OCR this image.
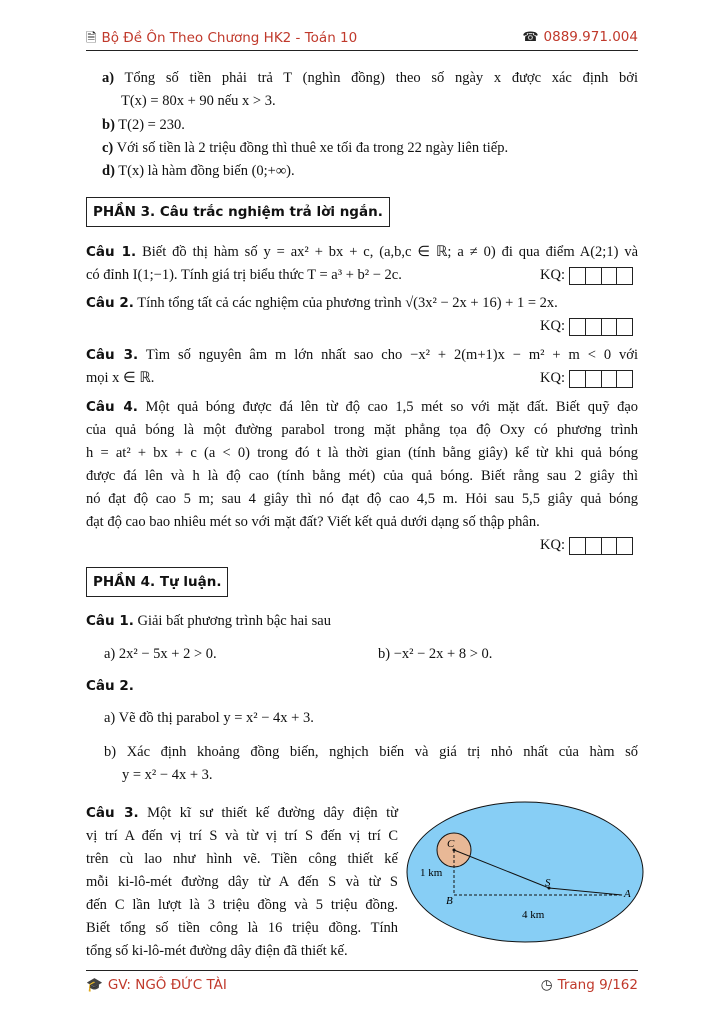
🗎 Bộ Đề Ôn Theo Chương HK2 - Toán 10	☎ 0889.971.004
a) Tổng số tiền phải trả T (nghìn đồng) theo số ngày x được xác định bởi
T(x) = 80x + 90 nếu x > 3.
b) T(2) = 230.
c) Với số tiền là 2 triệu đồng thì thuê xe tối đa trong 22 ngày liên tiếp.
d) T(x) là hàm đồng biến (0;+∞).
PHẦN 3. Câu trắc nghiệm trả lời ngắn.
Câu 1. Biết đồ thị hàm số y = ax² + bx + c, (a,b,c ∈ ℝ; a ≠ 0) đi qua điểm A(2;1) và
có đỉnh I(1;−1). Tính giá trị biểu thức T = a³ + b² − 2c.	KQ:
Câu 2. Tính tổng tất cả các nghiệm của phương trình √(3x² − 2x + 16) + 1 = 2x.
KQ:
Câu 3. Tìm số nguyên âm m lớn nhất sao cho −x² + 2(m+1)x − m² + m < 0 với
mọi x ∈ ℝ.	KQ:
Câu 4. Một quả bóng được đá lên từ độ cao 1,5 mét so với mặt đất. Biết quỹ đạo
của quả bóng là một đường parabol trong mặt phẳng tọa độ Oxy có phương trình
h = at² + bx + c (a < 0) trong đó t là thời gian (tính bằng giây) kể từ khi quả bóng
được đá lên và h là độ cao (tính bằng mét) của quả bóng. Biết rằng sau 2 giây thì
nó đạt độ cao 5 m; sau 4 giây thì nó đạt độ cao 4,5 m. Hỏi sau 5,5 giây quả bóng
đạt độ cao bao nhiêu mét so với mặt đất? Viết kết quả dưới dạng số thập phân.
KQ:
PHẦN 4. Tự luận.
Câu 1. Giải bất phương trình bậc hai sau
a) 2x² − 5x + 2 > 0.	b) −x² − 2x + 8 > 0.
Câu 2.
a) Vẽ đồ thị parabol y = x² − 4x + 3.
b) Xác định khoảng đồng biến, nghịch biến và giá trị nhỏ nhất của hàm số
y = x² − 4x + 3.
Câu 3. Một kĩ sư thiết kế đường dây điện từ
vị trí A đến vị trí S và từ vị trí S đến vị trí C
trên cù lao như hình vẽ. Tiền công thiết kế
mỗi ki-lô-mét đường dây từ A đến S và từ S
đến C lần lượt là 3 triệu đồng và 5 triệu đồng.
Biết tổng số tiền công là 16 triệu đồng. Tính
tổng số ki-lô-mét đường dây điện đã thiết kế.
C
S
A
B
1 km
4 km
🎓 GV: NGÔ ĐỨC TÀI	◷ Trang 9/162
